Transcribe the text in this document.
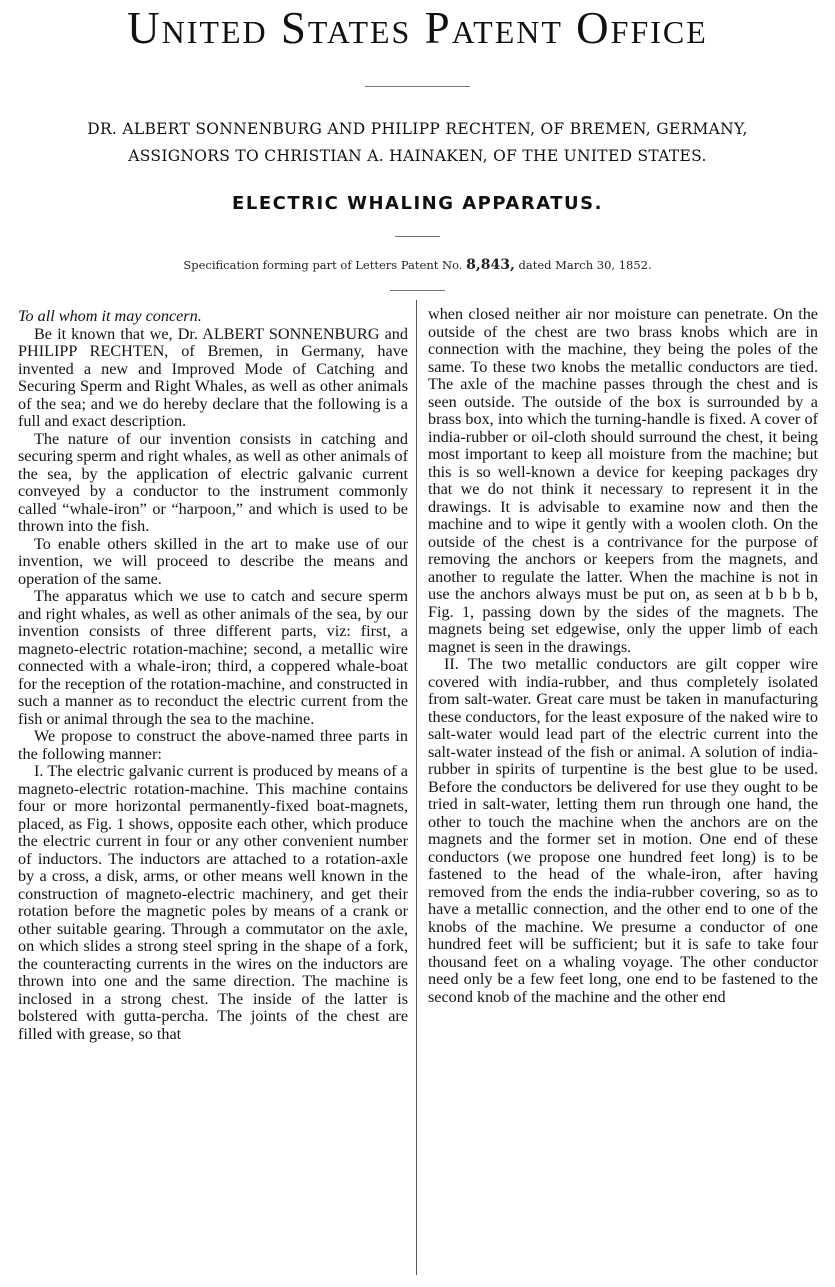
United States Patent Office
DR. ALBERT SONNENBURG AND PHILIPP RECHTEN, OF BREMEN, GERMANY,
ASSIGNORS TO CHRISTIAN A. HAINAKEN, OF THE UNITED STATES.
ELECTRIC WHALING APPARATUS.
Specification forming part of Letters Patent No. 8,843, dated March 30, 1852.

To all whom it may concern.

Be it known that we, Dr. ALBERT SONNENBURG and PHILIPP RECHTEN, of Bremen, in Germany, have invented a new and Improved Mode of Catching and Securing Sperm and Right Whales, as well as other animals of the sea; and we do hereby declare that the following is a full and exact description.

The nature of our invention consists in catching and securing sperm and right whales, as well as other animals of the sea, by the application of electric galvanic current conveyed by a conductor to the instrument commonly called “whale-iron” or “harpoon,” and which is used to be thrown into the fish.

To enable others skilled in the art to make use of our invention, we will proceed to describe the means and operation of the same.

The apparatus which we use to catch and secure sperm and right whales, as well as other animals of the sea, by our invention consists of three different parts, viz: first, a magneto-electric rotation-machine; second, a metallic wire connected with a whale-iron; third, a coppered whale-boat for the reception of the rotation-machine, and constructed in such a manner as to reconduct the electric current from the fish or animal through the sea to the machine.

We propose to construct the above-named three parts in the following manner:

I. The electric galvanic current is produced by means of a magneto-electric rotation-machine. This machine contains four or more horizontal permanently-fixed boat-magnets, placed, as Fig. 1 shows, opposite each other, which produce the electric current in four or any other convenient number of inductors. The inductors are attached to a rotation-axle by a cross, a disk, arms, or other means well known in the construction of magneto-electric machinery, and get their rotation before the magnetic poles by means of a crank or other suitable gearing. Through a commutator on the axle, on which slides a strong steel spring in the shape of a fork, the counteracting currents in the wires on the inductors are thrown into one and the same direction. The machine is inclosed in a strong chest. The inside of the latter is bolstered with gutta-percha. The joints of the chest are filled with grease, so that

when closed neither air nor moisture can penetrate. On the outside of the chest are two brass knobs which are in connection with the machine, they being the poles of the same. To these two knobs the metallic conductors are tied. The axle of the machine passes through the chest and is seen outside. The outside of the box is surrounded by a brass box, into which the turning-handle is fixed. A cover of india-rubber or oil-cloth should surround the chest, it being most important to keep all moisture from the machine; but this is so well-known a device for keeping packages dry that we do not think it necessary to represent it in the drawings. It is advisable to examine now and then the machine and to wipe it gently with a woolen cloth. On the outside of the chest is a contrivance for the purpose of removing the anchors or keepers from the magnets, and another to regulate the latter. When the machine is not in use the anchors always must be put on, as seen at b b b b, Fig. 1, passing down by the sides of the magnets. The magnets being set edgewise, only the upper limb of each magnet is seen in the drawings.

II. The two metallic conductors are gilt copper wire covered with india-rubber, and thus completely isolated from salt-water. Great care must be taken in manufacturing these conductors, for the least exposure of the naked wire to salt-water would lead part of the electric current into the salt-water instead of the fish or animal. A solution of india-rubber in spirits of turpentine is the best glue to be used. Before the conductors be delivered for use they ought to be tried in salt-water, letting them run through one hand, the other to touch the machine when the anchors are on the magnets and the former set in motion. One end of these conductors (we propose one hundred feet long) is to be fastened to the head of the whale-iron, after having removed from the ends the india-rubber covering, so as to have a metallic connection, and the other end to one of the knobs of the machine. We presume a conductor of one hundred feet will be sufficient; but it is safe to take four thousand feet on a whaling voyage. The other conductor need only be a few feet long, one end to be fastened to the second knob of the machine and the other end
